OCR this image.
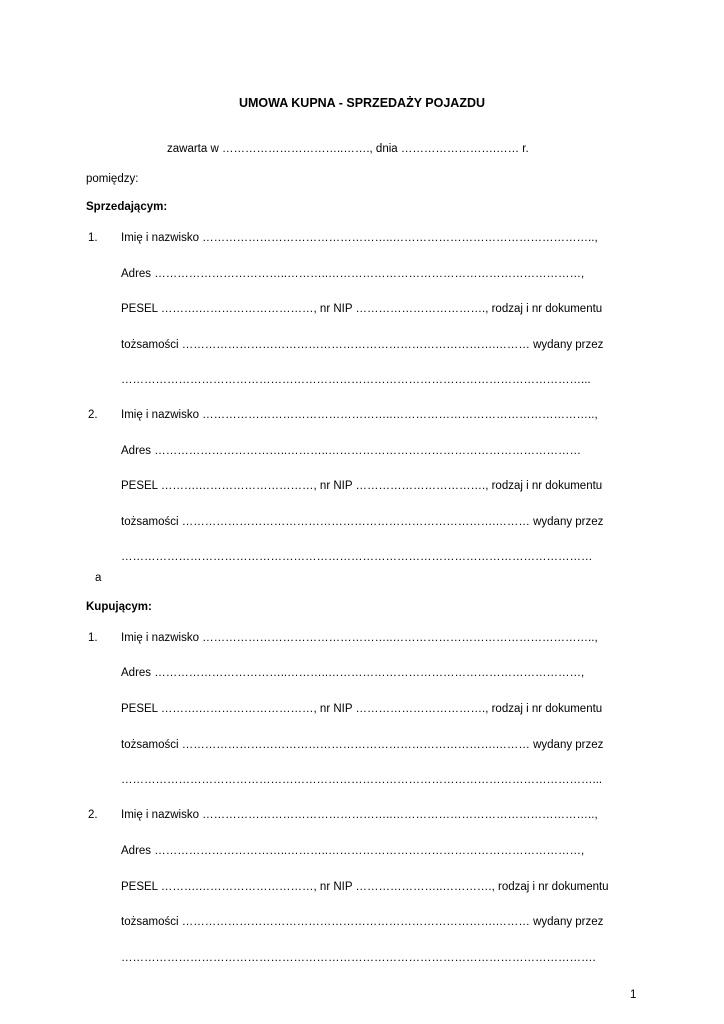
UMOWA KUPNA - SPRZEDAŻY POJAZDU
zawarta w …………………………..……., dnia …………………….…… r.
pomiędzy:
Sprzedającym:
1. Imię i nazwisko …………………………………………..……………………………………………..,
Adres ……………………………..………..…………………………………………………………,
PESEL ……….…………………………, nr NIP ……………………………., rodzaj i nr dokumentu
tożsamości ……………………………………………………………………….……… wydany przez
…………………………………………………………………………………………………………...
2. Imię i nazwisko …………………………………………..……………………………………………..,
Adres ……………………………..………..…………………………………………………………
PESEL ……….…………………………, nr NIP ……………………………., rodzaj i nr dokumentu
tożsamości ……………………………………………………………………….……… wydany przez
……………………………………………………………………………………………………………
a
Kupującym:
1. Imię i nazwisko …………………………………………..……………………………………………..,
Adres ……………………………..………..…………………………………………………………,
PESEL ……….…………………………, nr NIP ……………………………., rodzaj i nr dokumentu
tożsamości ……………………………………………………………………….……… wydany przez
……………………………………………………………………………………………………………...
2. Imię i nazwisko …………………………………………..……………………………………………..,
Adres ……………………………..………..…………………………………………………………,
PESEL ……….…………………………, nr NIP …………………..…………., rodzaj i nr dokumentu
tożsamości ……………………………………………………………………….……… wydany przez
…………………………………………………………………………………………………………….
1
